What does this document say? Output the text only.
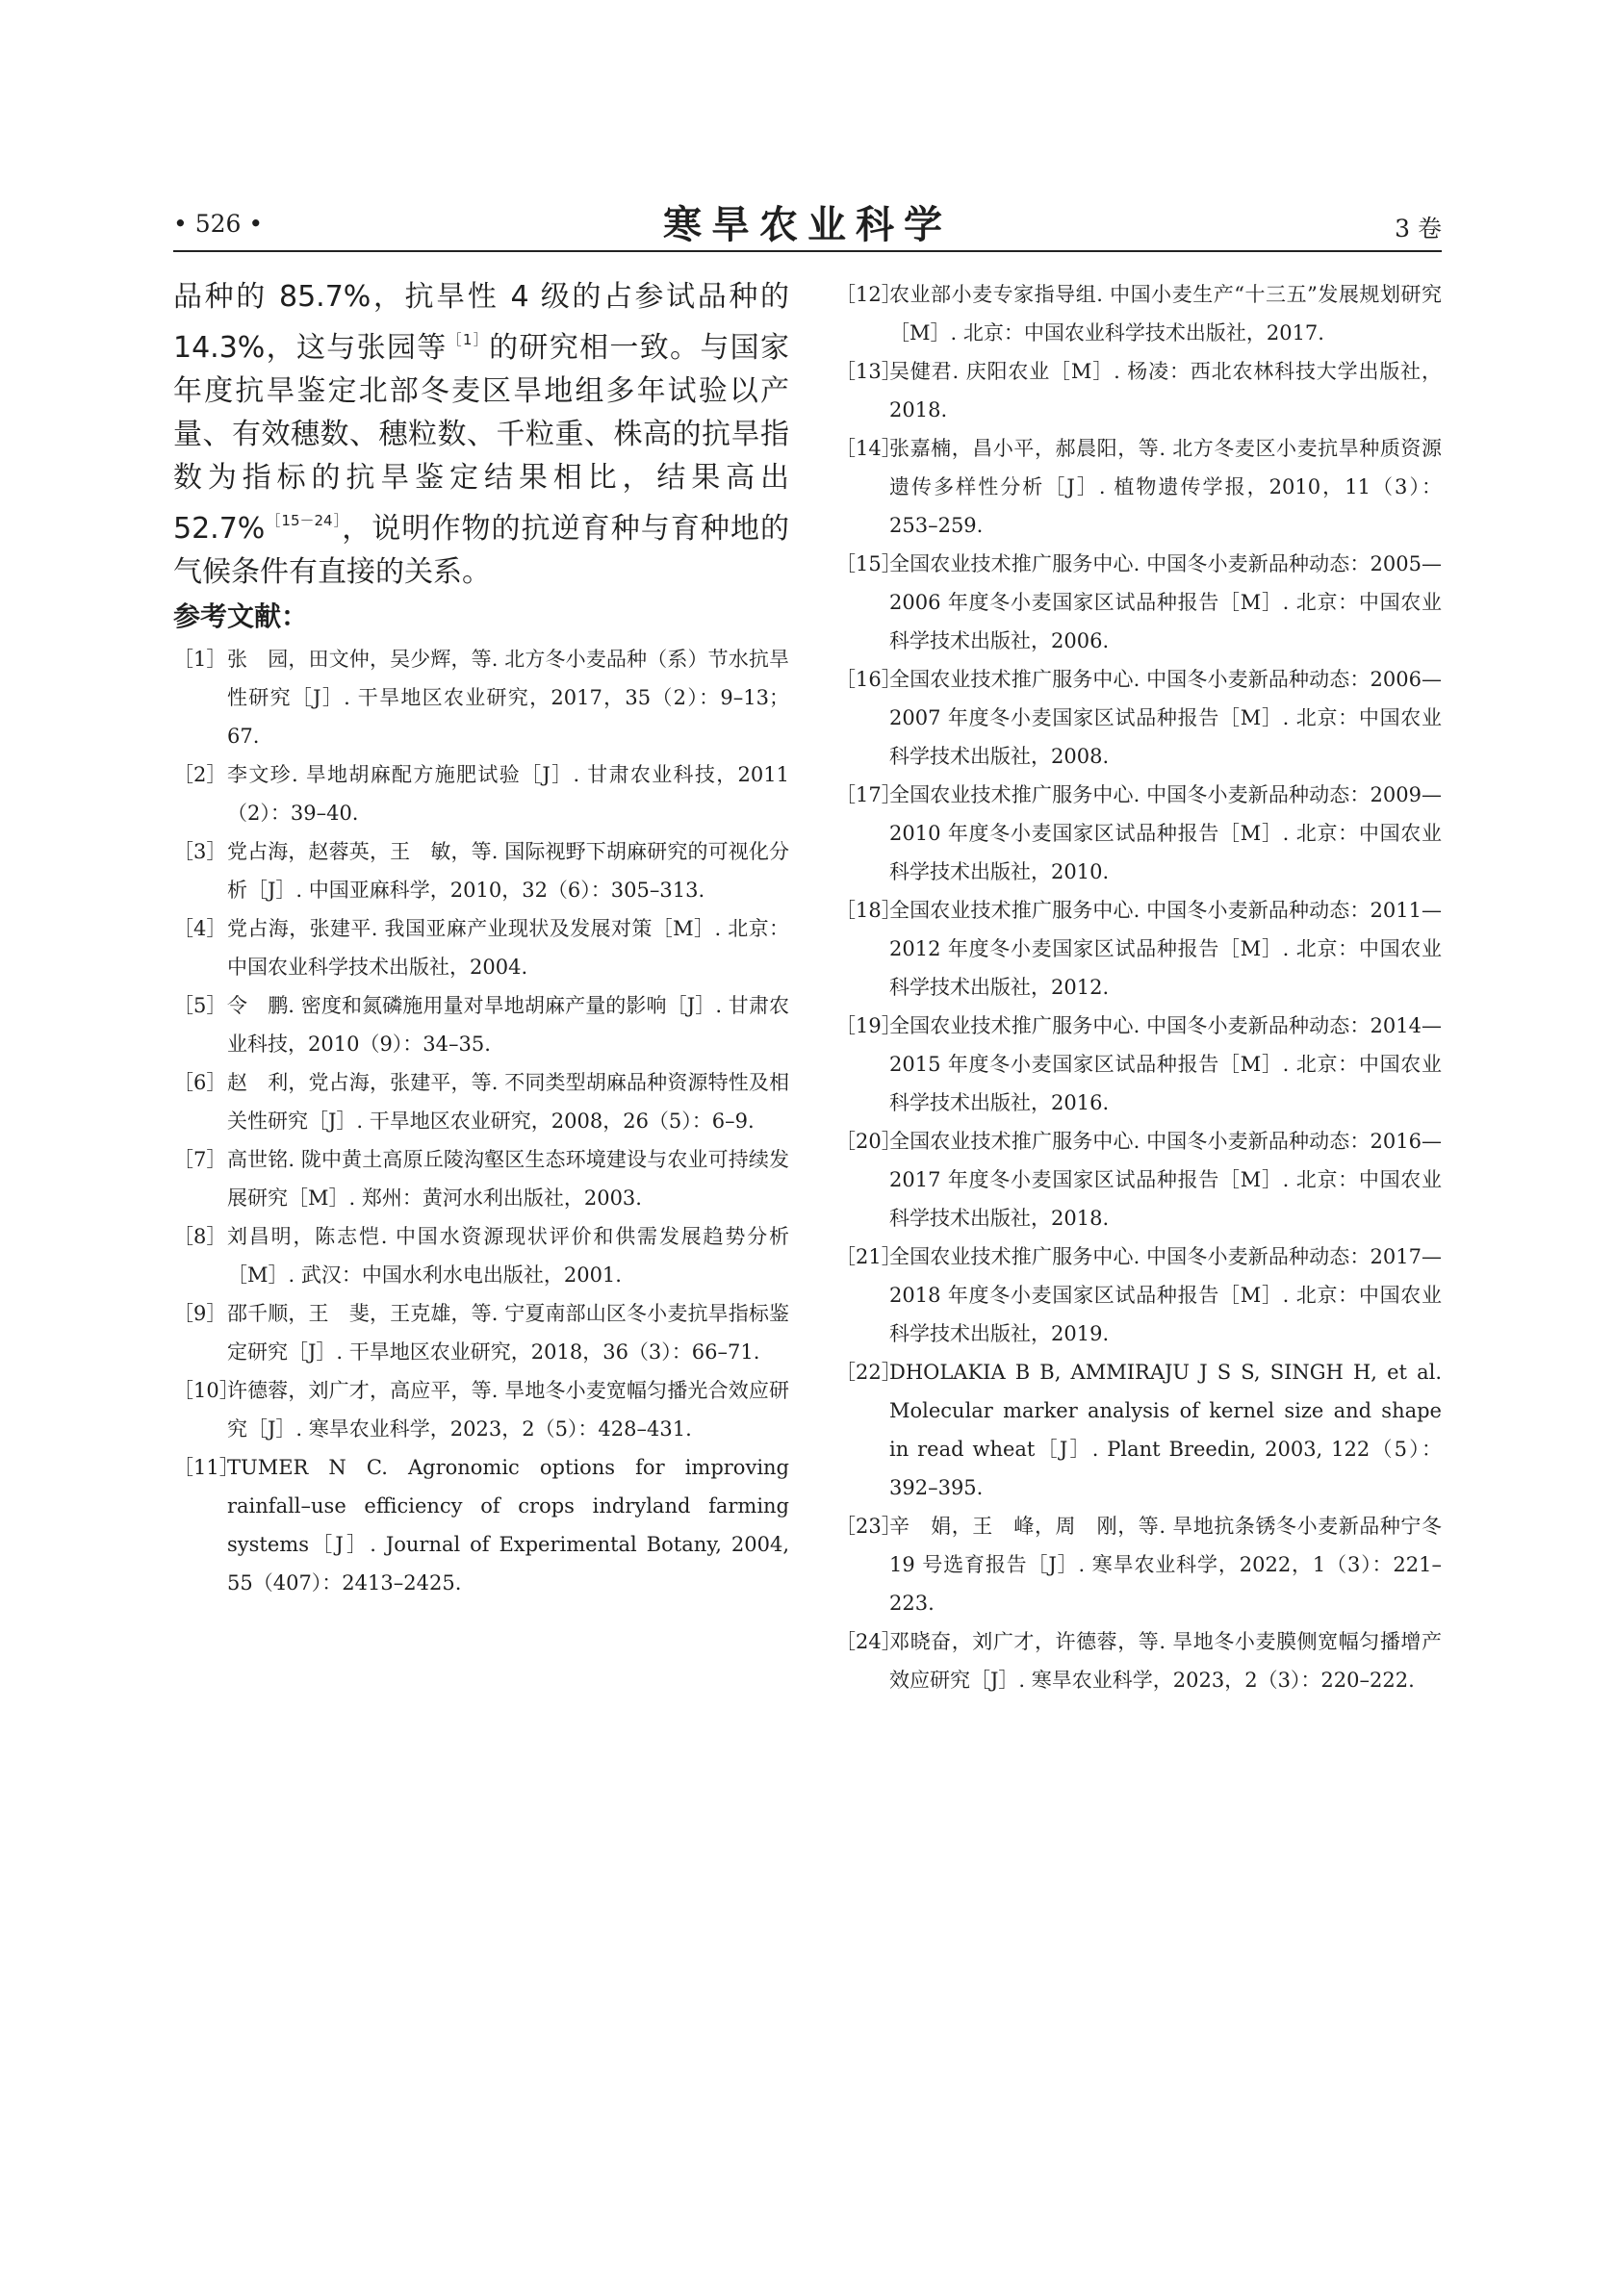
• 526 •	寒旱农业科学	3 卷

品种的 85.7%，抗旱性 4 级的占参试品种的 14.3%，这与张园等$^{[1]}$的研究相一致。与国家年度抗旱鉴定北部冬麦区旱地组多年试验以产量、有效穗数、穗粒数、千粒重、株高的抗旱指数为指标的抗旱鉴定结果相比，结果高出 52.7%$^{[15-24]}$，说明作物的抗逆育种与育种地的气候条件有直接的关系。

参考文献：
［1］ 张　园，田文仲，吴少辉，等. 北方冬小麦品种（系）节水抗旱性研究［J］. 干旱地区农业研究，2017，35（2）：9–13；67.
［2］ 李文珍. 旱地胡麻配方施肥试验［J］. 甘肃农业科技，2011（2）：39–40.
［3］ 党占海，赵蓉英，王　敏，等. 国际视野下胡麻研究的可视化分析［J］. 中国亚麻科学，2010，32（6）：305–313.
［4］ 党占海，张建平. 我国亚麻产业现状及发展对策［M］. 北京：中国农业科学技术出版社，2004.
［5］ 令　鹏. 密度和氮磷施用量对旱地胡麻产量的影响［J］. 甘肃农业科技，2010（9）：34–35.
［6］ 赵　利，党占海，张建平，等. 不同类型胡麻品种资源特性及相关性研究［J］. 干旱地区农业研究，2008，26（5）：6–9.
［7］ 高世铭. 陇中黄土高原丘陵沟壑区生态环境建设与农业可持续发展研究［M］. 郑州：黄河水利出版社，2003.
［8］ 刘昌明，陈志恺. 中国水资源现状评价和供需发展趋势分析［M］. 武汉：中国水利水电出版社，2001.
［9］ 邵千顺，王　斐，王克雄，等. 宁夏南部山区冬小麦抗旱指标鉴定研究［J］. 干旱地区农业研究，2018，36（3）：66–71.
［10］
许德蓉，刘广才，高应平，等. 旱地冬小麦宽幅匀播光合效应研究［J］. 寒旱农业科学，2023，2（5）：428–431.
［11］
TUMER N C. Agronomic options for improving rainfall–use efficiency of crops indryland farming systems［J］. Journal of Experimental Botany, 2004, 55（407）：2413–2425.
［12］
农业部小麦专家指导组. 中国小麦生产“十三五”发展规划研究［M］. 北京：中国农业科学技术出版社，2017.
［13］
吴健君. 庆阳农业［M］. 杨凌：西北农林科技大学出版社，2018.
［14］
张嘉楠，昌小平，郝晨阳，等. 北方冬麦区小麦抗旱种质资源遗传多样性分析［J］. 植物遗传学报，2010，11（3）：253–259.
［15］
全国农业技术推广服务中心. 中国冬小麦新品种动态：2005—2006 年度冬小麦国家区试品种报告［M］. 北京：中国农业科学技术出版社，2006.
［16］
全国农业技术推广服务中心. 中国冬小麦新品种动态：2006—2007 年度冬小麦国家区试品种报告［M］. 北京：中国农业科学技术出版社，2008.
［17］
全国农业技术推广服务中心. 中国冬小麦新品种动态：2009—2010 年度冬小麦国家区试品种报告［M］. 北京：中国农业科学技术出版社，2010.
［18］
全国农业技术推广服务中心. 中国冬小麦新品种动态：2011—2012 年度冬小麦国家区试品种报告［M］. 北京：中国农业科学技术出版社，2012.
［19］
全国农业技术推广服务中心. 中国冬小麦新品种动态：2014—2015 年度冬小麦国家区试品种报告［M］. 北京：中国农业科学技术出版社，2016.
［20］
全国农业技术推广服务中心. 中国冬小麦新品种动态：2016—2017 年度冬小麦国家区试品种报告［M］. 北京：中国农业科学技术出版社，2018.
［21］
全国农业技术推广服务中心. 中国冬小麦新品种动态：2017—2018 年度冬小麦国家区试品种报告［M］. 北京：中国农业科学技术出版社，2019.
［22］
DHOLAKIA B B, AMMIRAJU J S S, SINGH H, et al. Molecular marker analysis of kernel size and shape in read wheat［J］. Plant Breedin, 2003, 122（5）：392–395.
［23］
辛　娟，王　峰，周　刚，等. 旱地抗条锈冬小麦新品种宁冬 19 号选育报告［J］. 寒旱农业科学，2022，1（3）：221–223.
［24］
邓晓奋，刘广才，许德蓉，等. 旱地冬小麦膜侧宽幅匀播增产效应研究［J］. 寒旱农业科学，2023，2（3）：220–222.
